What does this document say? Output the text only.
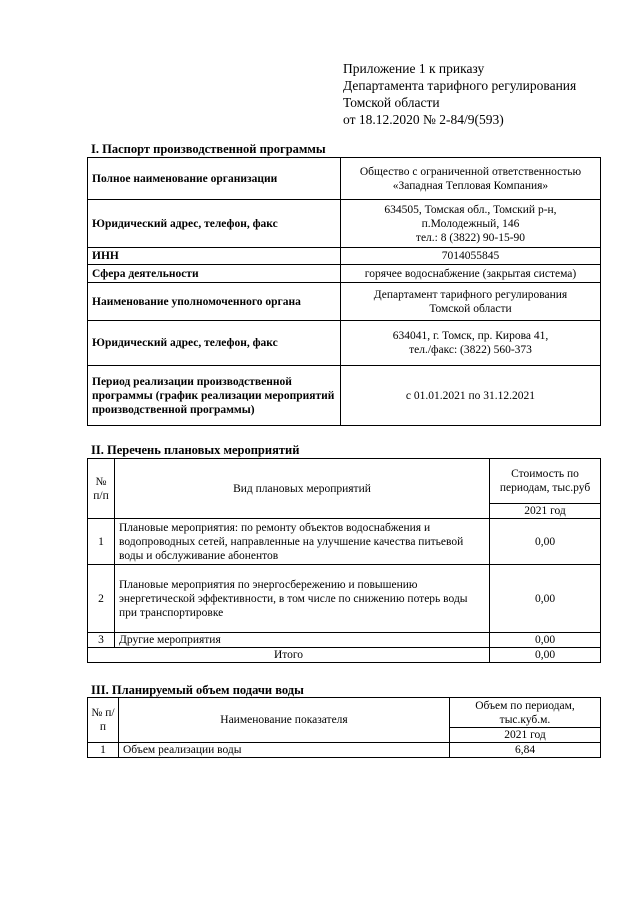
Приложение 1 к приказу
Департамента тарифного регулирования
Томской области
от 18.12.2020 № 2-84/9(593)
I. Паспорт производственной программы
Полное наименование организации	Общество с ограниченной ответственностью
«Западная Тепловая Компания»

Юридический адрес, телефон, факс	634505, Томская обл., Томский р-н,
п.Молодежный, 146
тел.: 8 (3822) 90-15-90

ИНН	7014055845
Сфера деятельности	горячее водоснабжение (закрытая система)
Наименование уполномоченного органа	Департамент тарифного регулирования
Томской области

Юридический адрес, телефон, факс	634041, г. Томск, пр. Кирова 41,
тел./факс: (3822) 560-373

Период реализации производственной программы (график реализации мероприятий производственной программы)	с 01.01.2021 по 31.12.2021
II. Перечень плановых мероприятий
№ п/п	Вид плановых мероприятий	Стоимость по периодам, тыс.руб
		2021 год
1	Плановые мероприятия: по ремонту объектов водоснабжения и водопроводных сетей, направленные на улучшение качества питьевой воды и обслуживание абонентов	0,00
2	Плановые мероприятия по энергосбережению и повышению энергетической эффективности, в том числе по снижению потерь воды при транспортировке	0,00
3	Другие мероприятия	0,00
Итого		0,00
III. Планируемый объем подачи воды
№ п/п	Наименование показателя	Объем по периодам, тыс.куб.м.
		2021 год
1	Объем реализации воды	6,84
